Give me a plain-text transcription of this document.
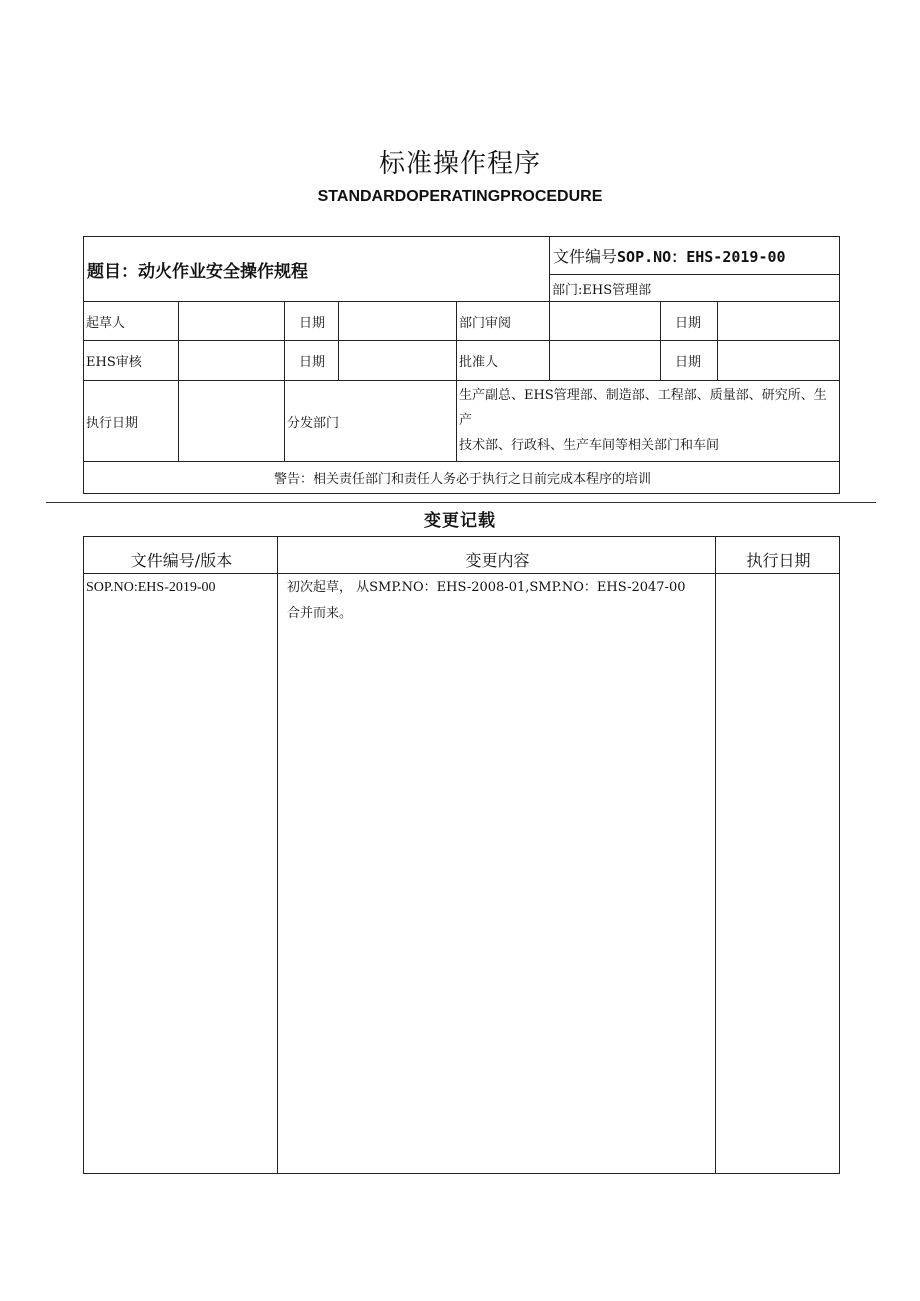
标准操作程序
STANDARDOPERATINGPROCEDURE
题目：动火作业安全操作规程					文件编号SOP.NO：EHS-2019-00		
					部门:EHS管理部		
起草人		日期		部门审阅		日期	
EHS审核		日期		批准人		日期	
执行日期		分发部门		生产副总、EHS管理部、制造部、工程部、质量部、研究所、生产
技术部、行政科、生产车间等相关部门和车间			

警告：相关责任部门和责任人务必于执行之日前完成本程序的培训							
变更记载
文件编号/版本	变更内容	执行日期
SOP.NO:EHS-2019-00	初次起草， 从SMP.NO：EHS-2008-01,SMP.NO：EHS-2047-00
合并而来。	
